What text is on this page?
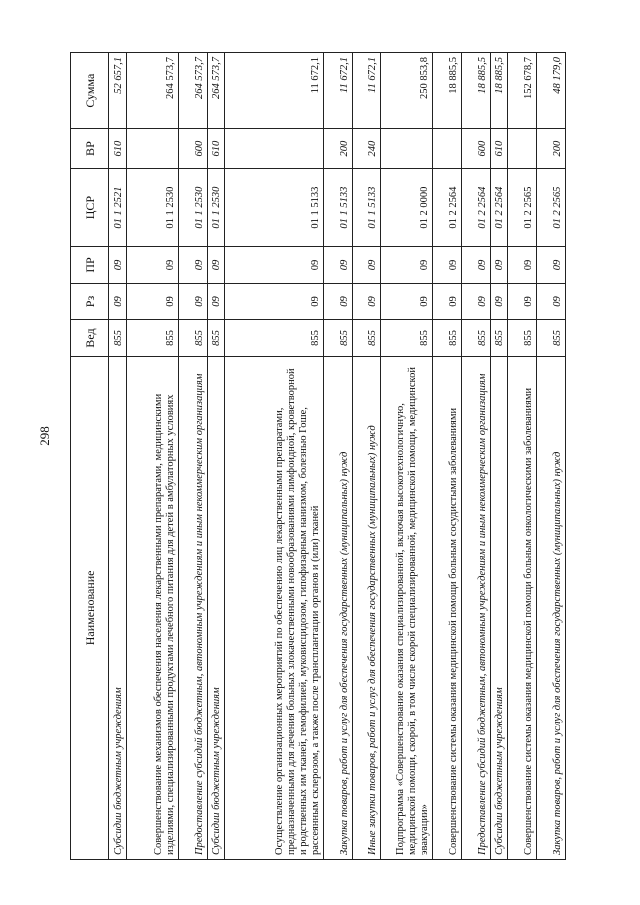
298
Наименование	Вед	Рз	ПР	ЦСР	ВР	Сумма
Субсидии бюджетным учреждениям	855	09	09	01 1 2521	610	52 657,1
Совершенствование механизмов обеспечения населения лекарственными препаратами, медицинскими изделиями, специализированными продуктами лечебного питания для детей в амбулаторных условиях	855	09	09	01 1 2530		264 573,7
Предоставление субсидий бюджетным, автономным учреждениям и иным некоммерческим организациям	855	09	09	01 1 2530	600	264 573,7
Субсидии бюджетным учреждениям	855	09	09	01 1 2530	610	264 573,7
Осуществление организационных мероприятий по обеспечению лиц лекарственными препаратами, предназначенными для лечения больных злокачественными новообразованиями лимфоидной, кроветворной и родственных им тканей, гемофилией, муковисцидозом, гипофизарным нанизмом, болезнью Гоше, рассеянным склерозом, а также после трансплантации органов и (или) тканей	855	09	09	01 1 5133		11 672,1
Закупка товаров, работ и услуг для обеспечения государственных (муниципальных) нужд	855	09	09	01 1 5133	200	11 672,1
Иные закупки товаров, работ и услуг для обеспечения государственных (муниципальных) нужд	855	09	09	01 1 5133	240	11 672,1
Подпрограмма «Совершенствование оказания специализированной, включая высокотехнологичную, медицинской помощи, скорой, в том числе скорой специализированной, медицинской помощи, медицинской эвакуации»	855	09	09	01 2 0000		250 853,8
Совершенствование системы оказания медицинской помощи больным сосудистыми заболеваниями	855	09	09	01 2 2564		18 885,5
Предоставление субсидий бюджетным, автономным учреждениям и иным некоммерческим организациям	855	09	09	01 2 2564	600	18 885,5
Субсидии бюджетным учреждениям	855	09	09	01 2 2564	610	18 885,5
Совершенствование системы оказания медицинской помощи больным онкологическими заболеваниями	855	09	09	01 2 2565		152 678,7
Закупка товаров, работ и услуг для обеспечения государственных (муниципальных) нужд	855	09	09	01 2 2565	200	48 179,0
